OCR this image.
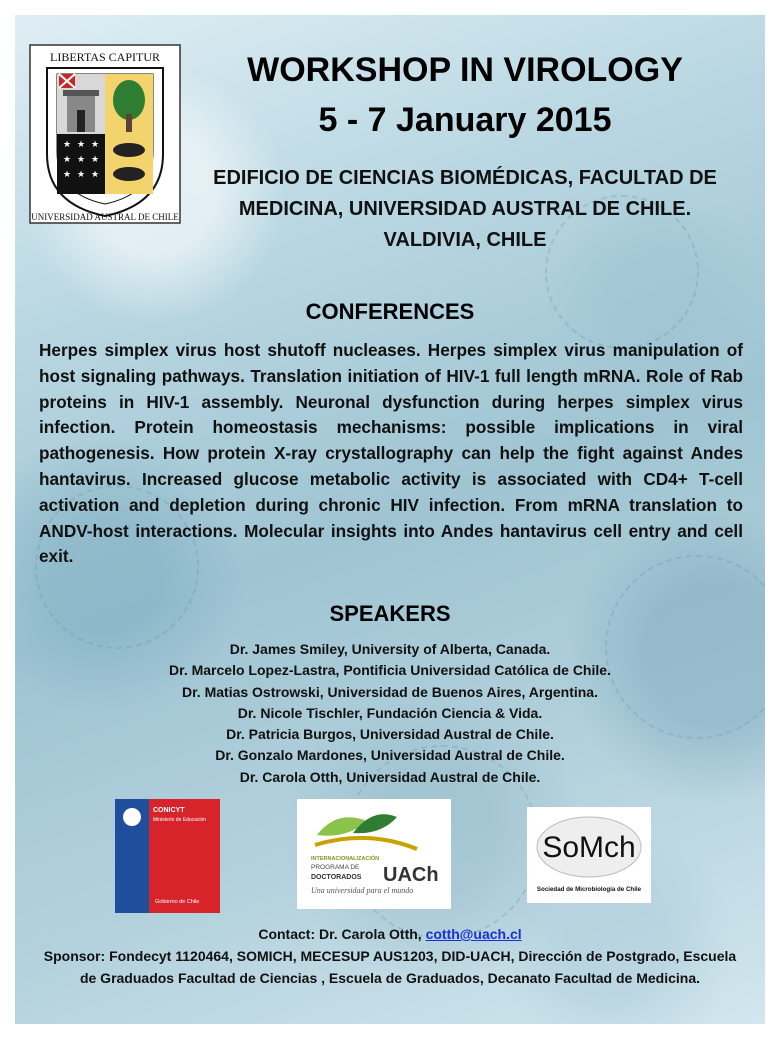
LIBERTAS CAPITUR
★ ★ ★
★ ★ ★
★ ★ ★
UNIVERSIDAD AUSTRAL DE CHILE
WORKSHOP IN VIROLOGY
5 - 7 January 2015
EDIFICIO DE CIENCIAS BIOMÉDICAS, FACULTAD DE MEDICINA, UNIVERSIDAD AUSTRAL DE CHILE. VALDIVIA, CHILE
CONFERENCES
Herpes simplex virus host shutoff nucleases. Herpes simplex virus manipulation of host signaling pathways. Translation initiation of HIV-1 full length mRNA. Role of Rab proteins in HIV-1 assembly. Neuronal dysfunction during herpes simplex virus infection. Protein homeostasis mechanisms: possible implications in viral pathogenesis. How protein X-ray crystallography can help the fight against Andes hantavirus. Increased glucose metabolic activity is associated with CD4+ T-cell activation and depletion during chronic HIV infection. From mRNA translation to ANDV-host interactions. Molecular insights into Andes hantavirus cell entry and cell exit.
SPEAKERS
Dr. James Smiley, University of Alberta, Canada.
Dr. Marcelo Lopez-Lastra, Pontificia Universidad Católica de Chile.
Dr. Matias Ostrowski, Universidad de Buenos Aires, Argentina.
Dr. Nicole Tischler, Fundación Ciencia & Vida.
Dr. Patricia Burgos, Universidad Austral de Chile.
Dr. Gonzalo Mardones, Universidad Austral de Chile.
Dr. Carola Otth, Universidad Austral de Chile.
CONICYT
Ministerio de Educación
Gobierno de Chile
INTERNACIONALIZACIÓN
PROGRAMA DE
DOCTORADOS UACh
Una universidad para el mundo
SoMch
Sociedad de Microbiología de Chile
Contact: Dr. Carola Otth, cotth@uach.cl
Sponsor: Fondecyt 1120464, SOMICH, MECESUP AUS1203, DID-UACH, Dirección de Postgrado, Escuela de Graduados Facultad de Ciencias , Escuela de Graduados, Decanato Facultad de Medicina.
